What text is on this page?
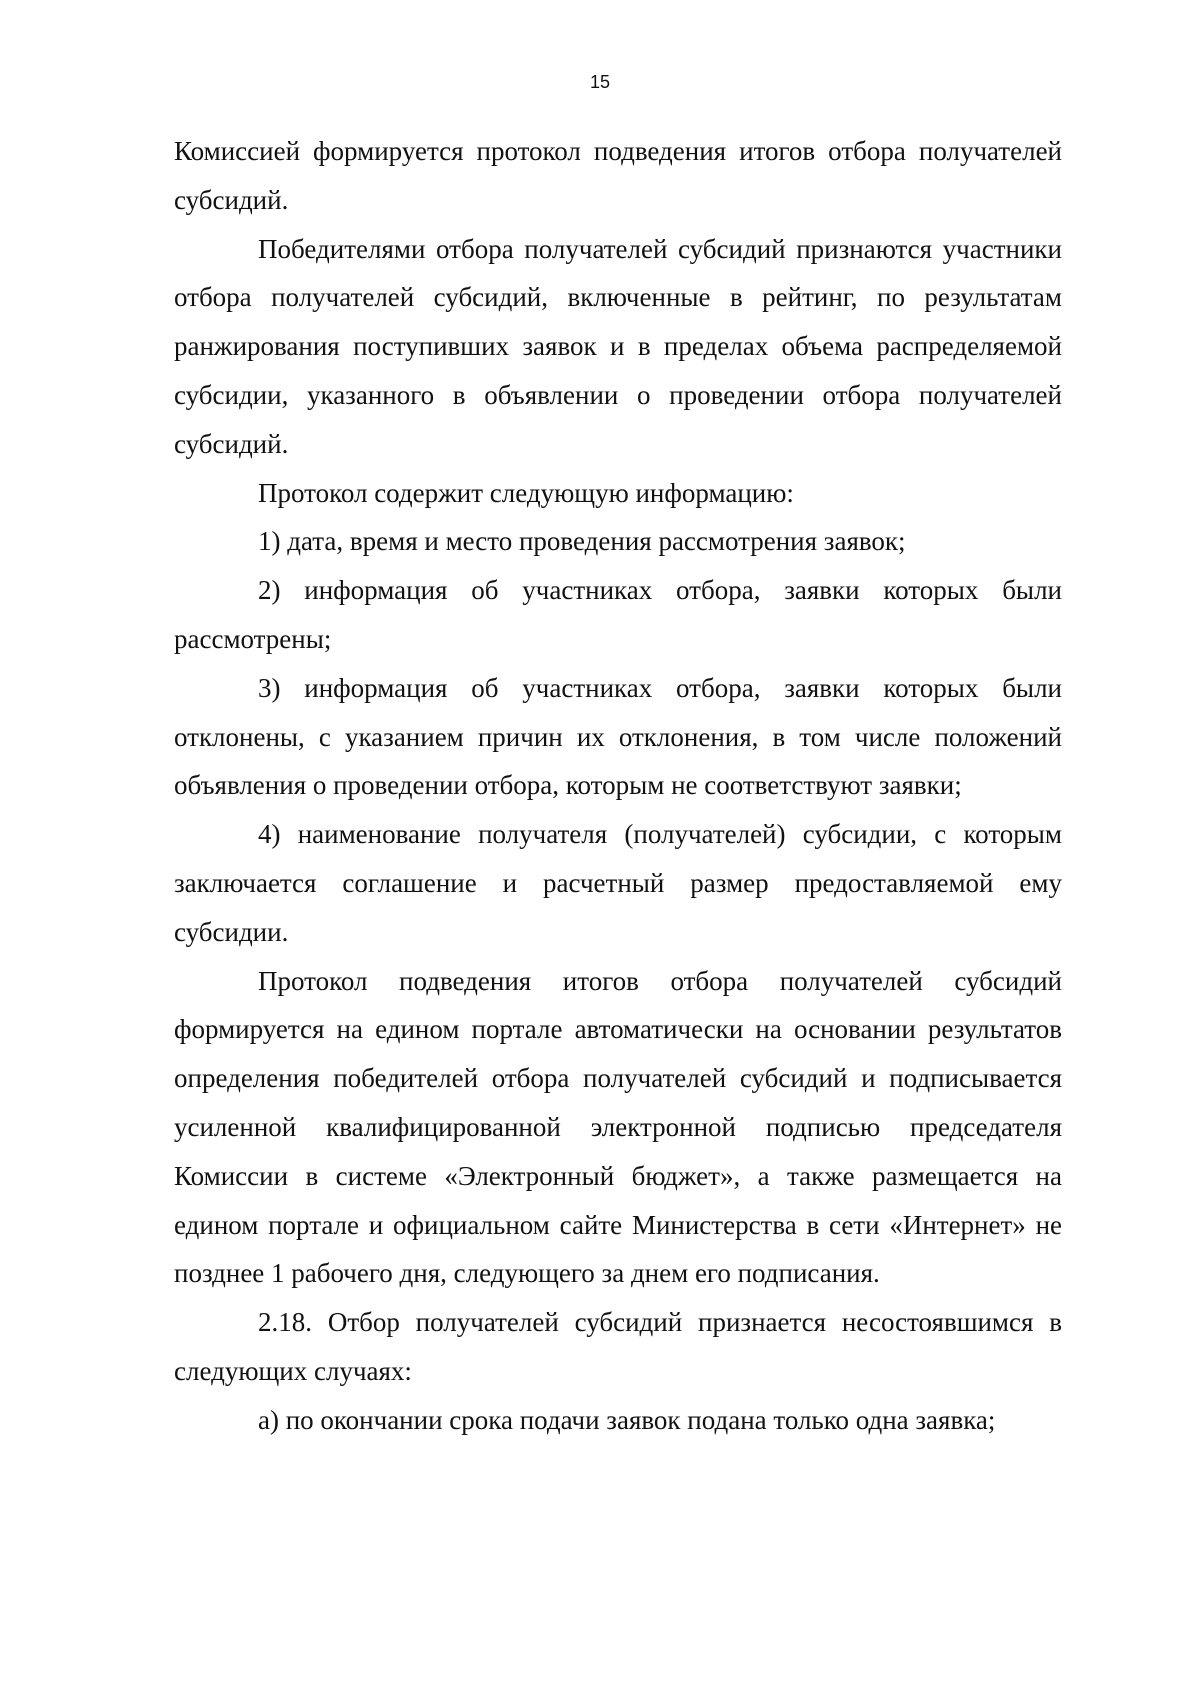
15

Комиссией формируется протокол подведения итогов отбора получателей субсидий.

Победителями отбора получателей субсидий признаются участники отбора получателей субсидий, включенные в рейтинг, по результатам ранжирования поступивших заявок и в пределах объема распределяемой субсидии, указанного в объявлении о проведении отбора получателей субсидий.

Протокол содержит следующую информацию:

1) дата, время и место проведения рассмотрения заявок;

2) информация об участниках отбора, заявки которых были рассмотрены;

3) информация об участниках отбора, заявки которых были отклонены, с указанием причин их отклонения, в том числе положений объявления о проведении отбора, которым не соответствуют заявки;

4) наименование получателя (получателей) субсидии, с которым заключается соглашение и расчетный размер предоставляемой ему субсидии.

Протокол подведения итогов отбора получателей субсидий формируется на едином портале автоматически на основании результатов определения победителей отбора получателей субсидий и подписывается усиленной квалифицированной электронной подписью председателя Комиссии в системе «Электронный бюджет», а также размещается на едином портале и официальном сайте Министерства в сети «Интернет» не позднее 1 рабочего дня, следующего за днем его подписания.

2.18. Отбор получателей субсидий признается несостоявшимся в следующих случаях:

а) по окончании срока подачи заявок подана только одна заявка;
